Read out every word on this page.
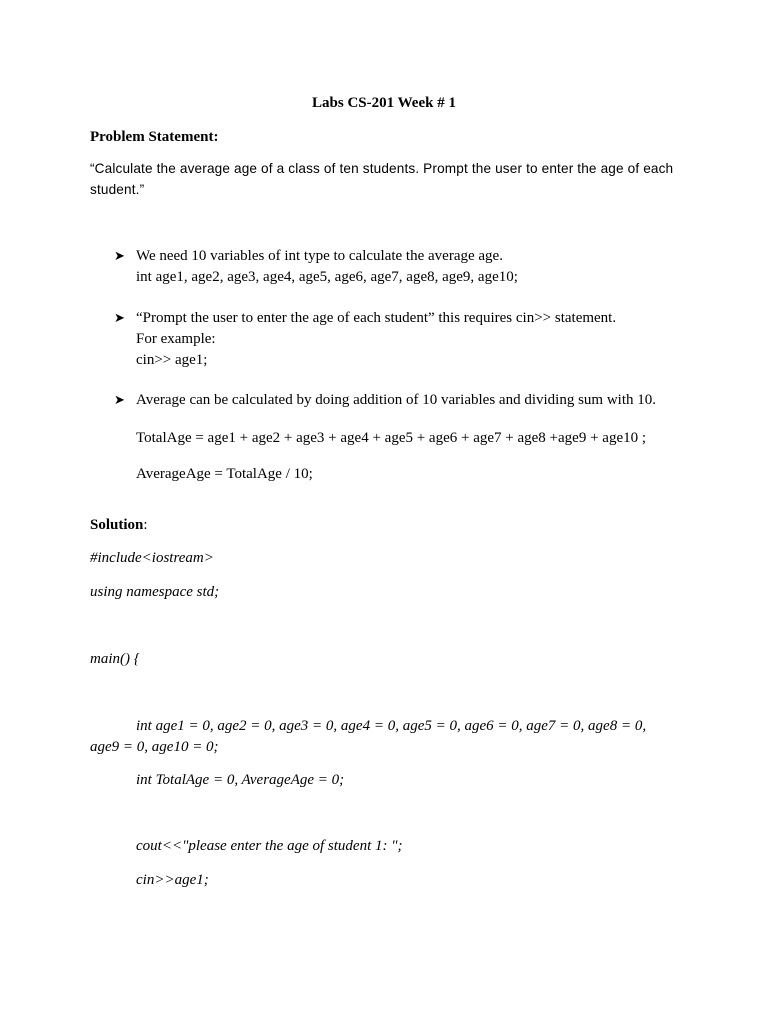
Labs CS-201 Week # 1
Problem Statement:
“Calculate the average age of a class of ten students. Prompt the user to enter the age of each
student.”
➤ We need 10 variables of int type to calculate the average age.
int age1, age2, age3, age4, age5, age6, age7, age8, age9, age10;
➤ “Prompt the user to enter the age of each student” this requires cin>> statement.
For example:
cin>> age1;
➤ Average can be calculated by doing addition of 10 variables and dividing sum with 10.
TotalAge = age1 + age2 + age3 + age4 + age5 + age6 + age7 + age8 +age9 + age10 ;
AverageAge = TotalAge / 10;
Solution:
#include<iostream>
using namespace std;
main() {
int age1 = 0, age2 = 0, age3 = 0, age4 = 0, age5 = 0, age6 = 0, age7 = 0, age8 = 0,
age9 = 0, age10 = 0;
int TotalAge = 0, AverageAge = 0;
cout<<"please enter the age of student 1: ";
cin>>age1;
